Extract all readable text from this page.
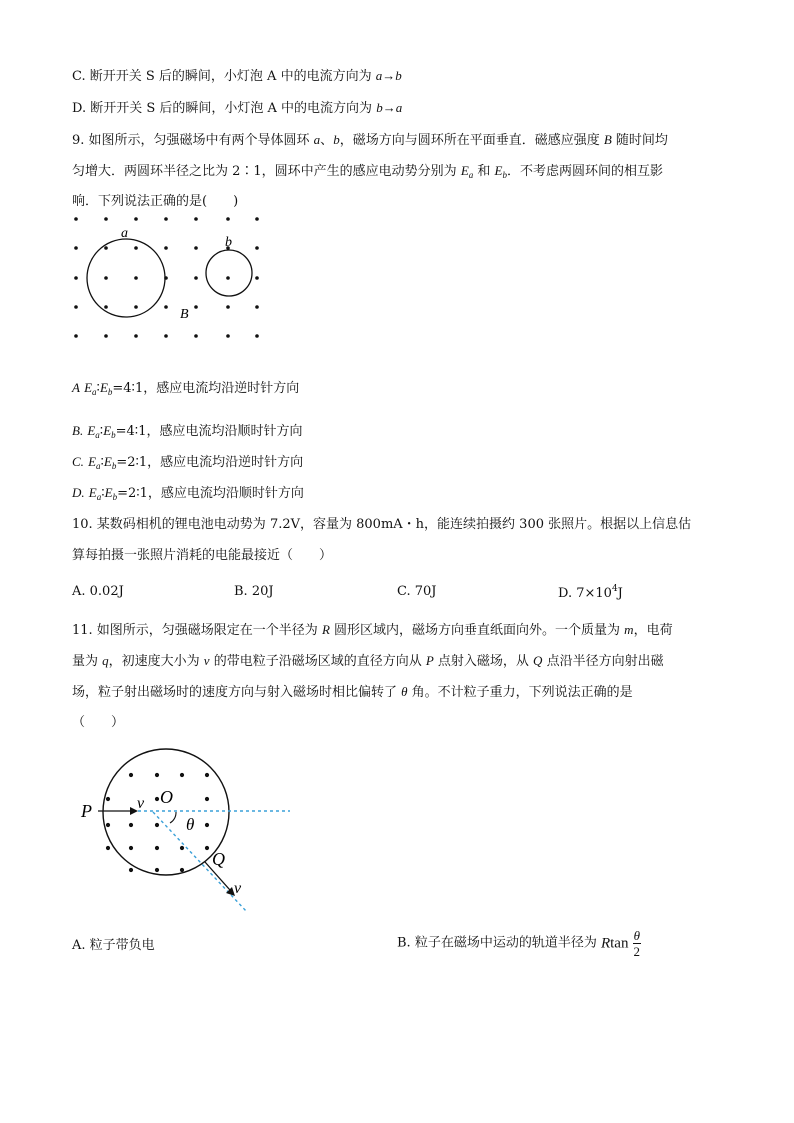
C. 断开开关 S 后的瞬间，小灯泡 A 中的电流方向为 a→b
D. 断开开关 S 后的瞬间，小灯泡 A 中的电流方向为 b→a
9. 如图所示，匀强磁场中有两个导体圆环 a、b，磁场方向与圆环所在平面垂直．磁感应强度 B 随时间均
匀增大．两圆环半径之比为 2∶1，圆环中产生的感应电动势分别为 $E_a$ 和 $E_b$．不考虑两圆环间的相互影
响．下列说法正确的是(　　)
a
b
B
A $E_a∶E_b=4∶1$，感应电流均沿逆时针方向
B. $E_a∶E_b=4∶1$，感应电流均沿顺时针方向
C. $E_a∶E_b=2∶1$，感应电流均沿逆时针方向
D. $E_a∶E_b=2∶1$，感应电流均沿顺时针方向
10. 某数码相机的锂电池电动势为 7.2V，容量为 800mA・h，能连续拍摄约 300 张照片。根据以上信息估
算每拍摄一张照片消耗的电能最接近（　　）
A. 0.02J	B. 20J	C. 70J	D. $7\times 10^4J$
11. 如图所示，匀强磁场限定在一个半径为 R 圆形区域内，磁场方向垂直纸面向外。一个质量为 m，电荷
量为 q，初速度大小为 v 的带电粒子沿磁场区域的直径方向从 P 点射入磁场，从 Q 点沿半径方向射出磁
场，粒子射出磁场时的速度方向与射入磁场时相比偏转了 θ 角。不计粒子重力，下列说法正确的是
（　　）
P	v O
θ
Q
v
A. 粒子带负电	B. 粒子在磁场中运动的轨道半径为 Rtan $\frac{\theta}{2}$
